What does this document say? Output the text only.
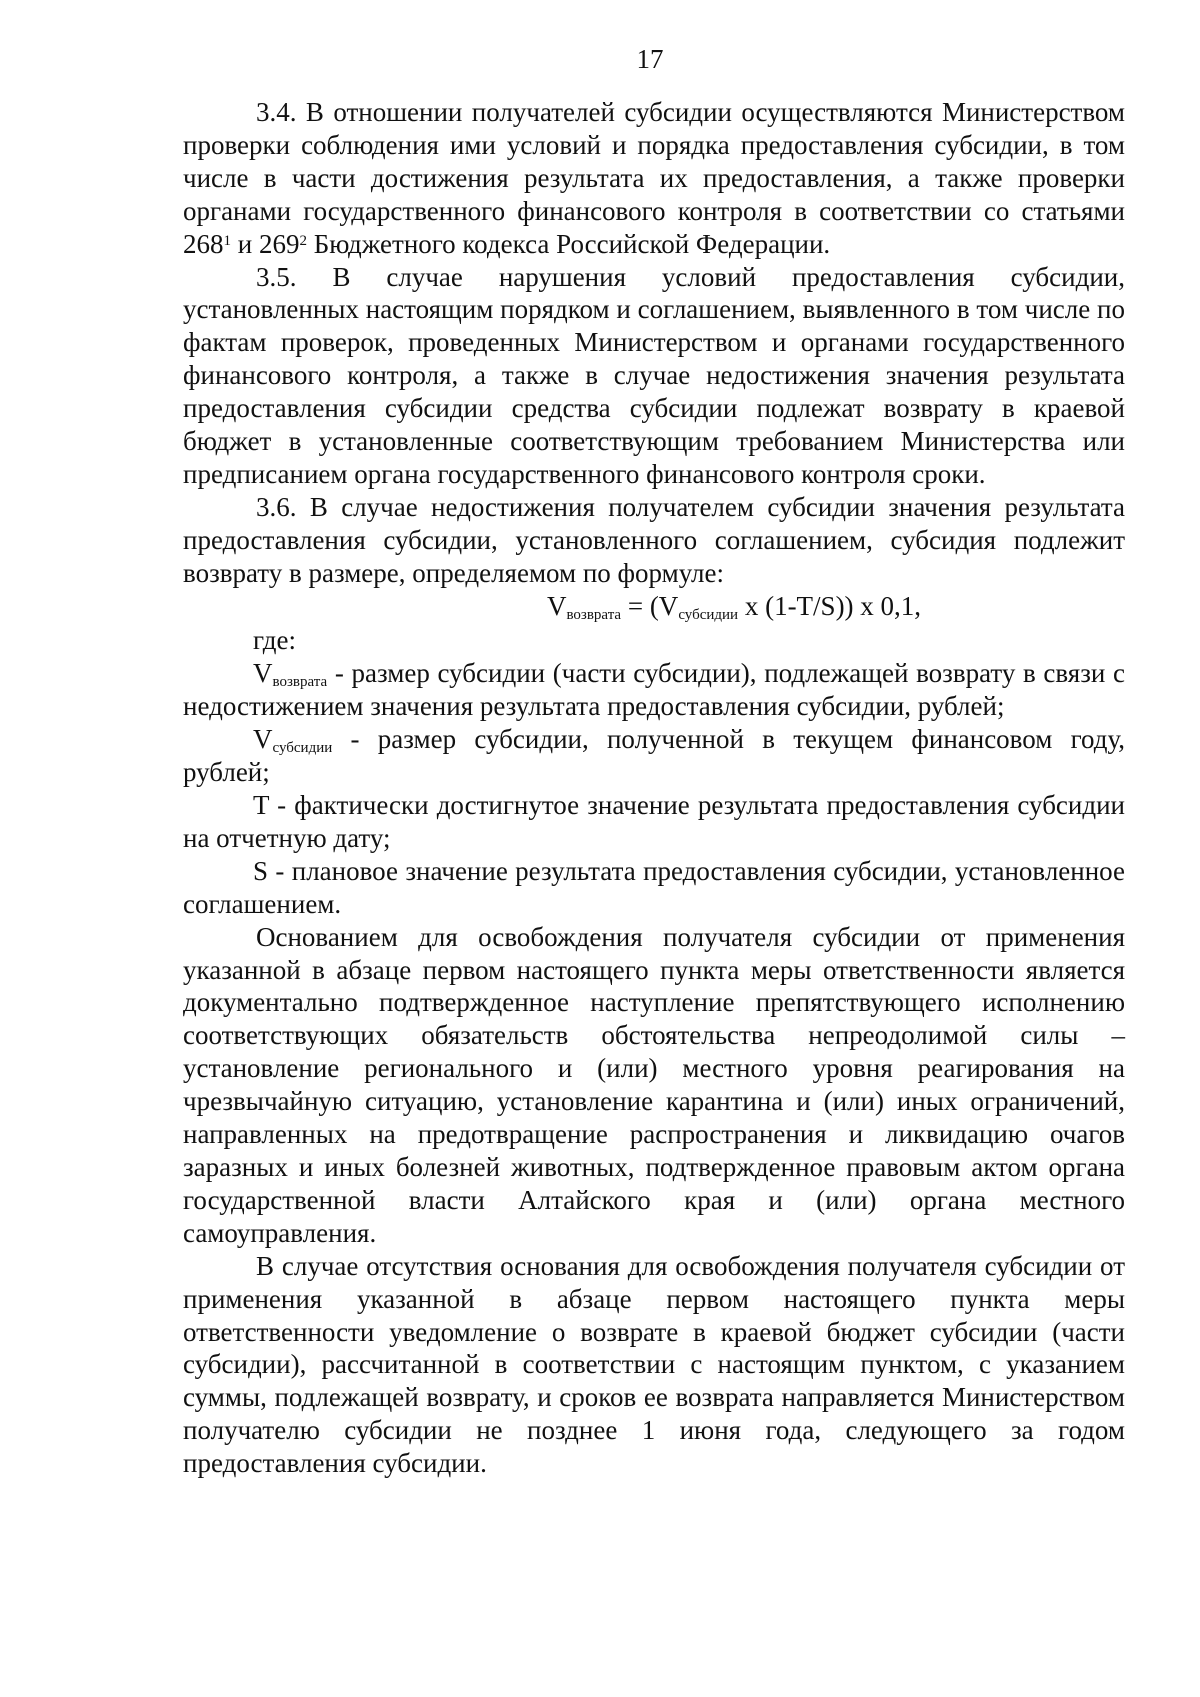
17

3.4. В отношении получателей субсидии осуществляются Министерством проверки соблюдения ими условий и порядка предоставления субсидии, в том числе в части достижения результата их предоставления, а также проверки органами государственного финансового контроля в соответствии со статьями $268^1$ и $269^2$ Бюджетного кодекса Российской Федерации.

3.5. В случае нарушения условий предоставления субсидии, установленных настоящим порядком и соглашением, выявленного в том числе по фактам проверок, проведенных Министерством и органами государственного финансового контроля, а также в случае недостижения значения результата предоставления субсидии средства субсидии подлежат возврату в краевой бюджет в установленные соответствующим требованием Министерства или предписанием органа государственного финансового контроля сроки.

3.6. В случае недостижения получателем субсидии значения результата предоставления субсидии, установленного соглашением, субсидия подлежит возврату в размере, определяемом по формуле:

$V_{возврата} = (V_{субсидии}$ x (1-T/S)) x 0,1,

где:

$V_{возврата}$ - размер субсидии (части субсидии), подлежащей возврату в связи с недостижением значения результата предоставления субсидии, рублей;

$V_{субсидии}$ - размер субсидии, полученной в текущем финансовом году, рублей;

T - фактически достигнутое значение результата предоставления субсидии на отчетную дату;

S - плановое значение результата предоставления субсидии, установленное соглашением.

Основанием для освобождения получателя субсидии от применения указанной в абзаце первом настоящего пункта меры ответственности является документально подтвержденное наступление препятствующего исполнению соответствующих обязательств обстоятельства непреодолимой силы – установление регионального и (или) местного уровня реагирования на чрезвычайную ситуацию, установление карантина и (или) иных ограничений, направленных на предотвращение распространения и ликвидацию очагов заразных и иных болезней животных, подтвержденное правовым актом органа государственной власти Алтайского края и (или) органа местного самоуправления.

В случае отсутствия основания для освобождения получателя субсидии от применения указанной в абзаце первом настоящего пункта меры ответственности уведомление о возврате в краевой бюджет субсидии (части субсидии), рассчитанной в соответствии с настоящим пунктом, с указанием суммы, подлежащей возврату, и сроков ее возврата направляется Министерством получателю субсидии не позднее 1 июня года, следующего за годом предоставления субсидии.
